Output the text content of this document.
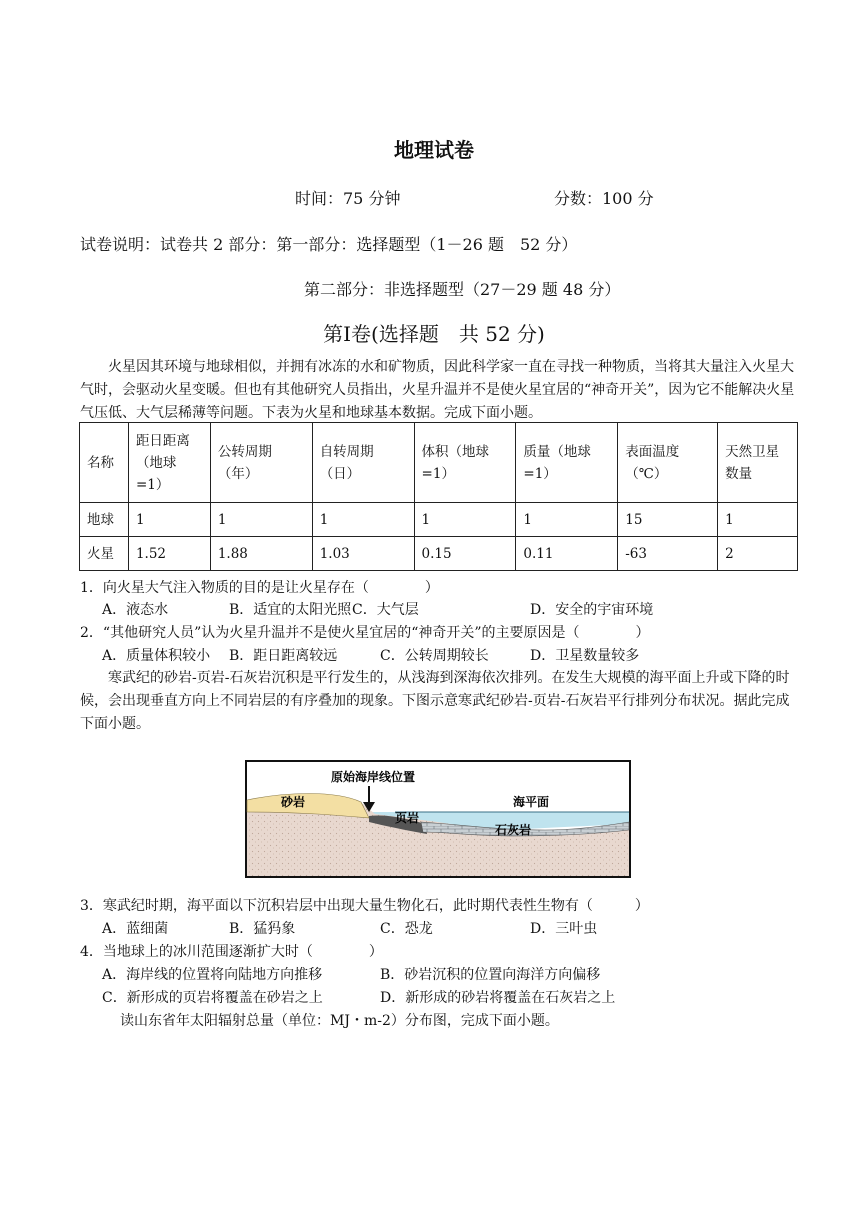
地理试卷
时间：75 分钟	分数：100 分
试卷说明：试卷共 2 部分：第一部分：选择题型（1－26 题　52 分）
第二部分：非选择题型（27－29 题 48 分）
第Ⅰ卷(选择题　共 52 分)
火星因其环境与地球相似，并拥有冰冻的水和矿物质，因此科学家一直在寻找一种物质，当将其大量注入火星大气时，会驱动火星变暖。但也有其他研究人员指出，火星升温并不是使火星宜居的“神奇开关”，因为它不能解决火星气压低、大气层稀薄等问题。下表为火星和地球基本数据。完成下面小题。
名称	距日距离（地球=1）	公转周期（年）	自转周期（日）	体积（地球=1）	质量（地球=1）	表面温度（℃）	天然卫星数量
地球	1	1	1	1	1	15	1
火星	1.52	1.88	1.03	0.15	0.11	-63	2
1．向火星大气注入物质的目的是让火星存在（　　　　）
A．液态水	B．适宜的太阳光照 C．大气层	D．安全的宇宙环境
2．“其他研究人员”认为火星升温并不是使火星宜居的“神奇开关”的主要原因是（　　　　）
A．质量体积较小 B．距日距离较远	C．公转周期较长	D．卫星数量较多
寒武纪的砂岩-页岩-石灰岩沉积是平行发生的，从浅海到深海依次排列。在发生大规模的海平面上升或下降的时候，会出现垂直方向上不同岩层的有序叠加的现象。下图示意寒武纪砂岩-页岩-石灰岩平行排列分布状况。据此完成下面小题。
原始海岸线位置
砂岩
页岩
石灰岩
海平面
3．寒武纪时期，海平面以下沉积岩层中出现大量生物化石，此时期代表性生物有（　　　）
A．蓝细菌	B．猛犸象	C．恐龙	D．三叶虫
4．当地球上的冰川范围逐渐扩大时（　　　　）
A．海岸线的位置将向陆地方向推移	B．砂岩沉积的位置向海洋方向偏移
C．新形成的页岩将覆盖在砂岩之上	D．新形成的砂岩将覆盖在石灰岩之上
读山东省年太阳辐射总量（单位：MJ・m-2）分布图，完成下面小题。
